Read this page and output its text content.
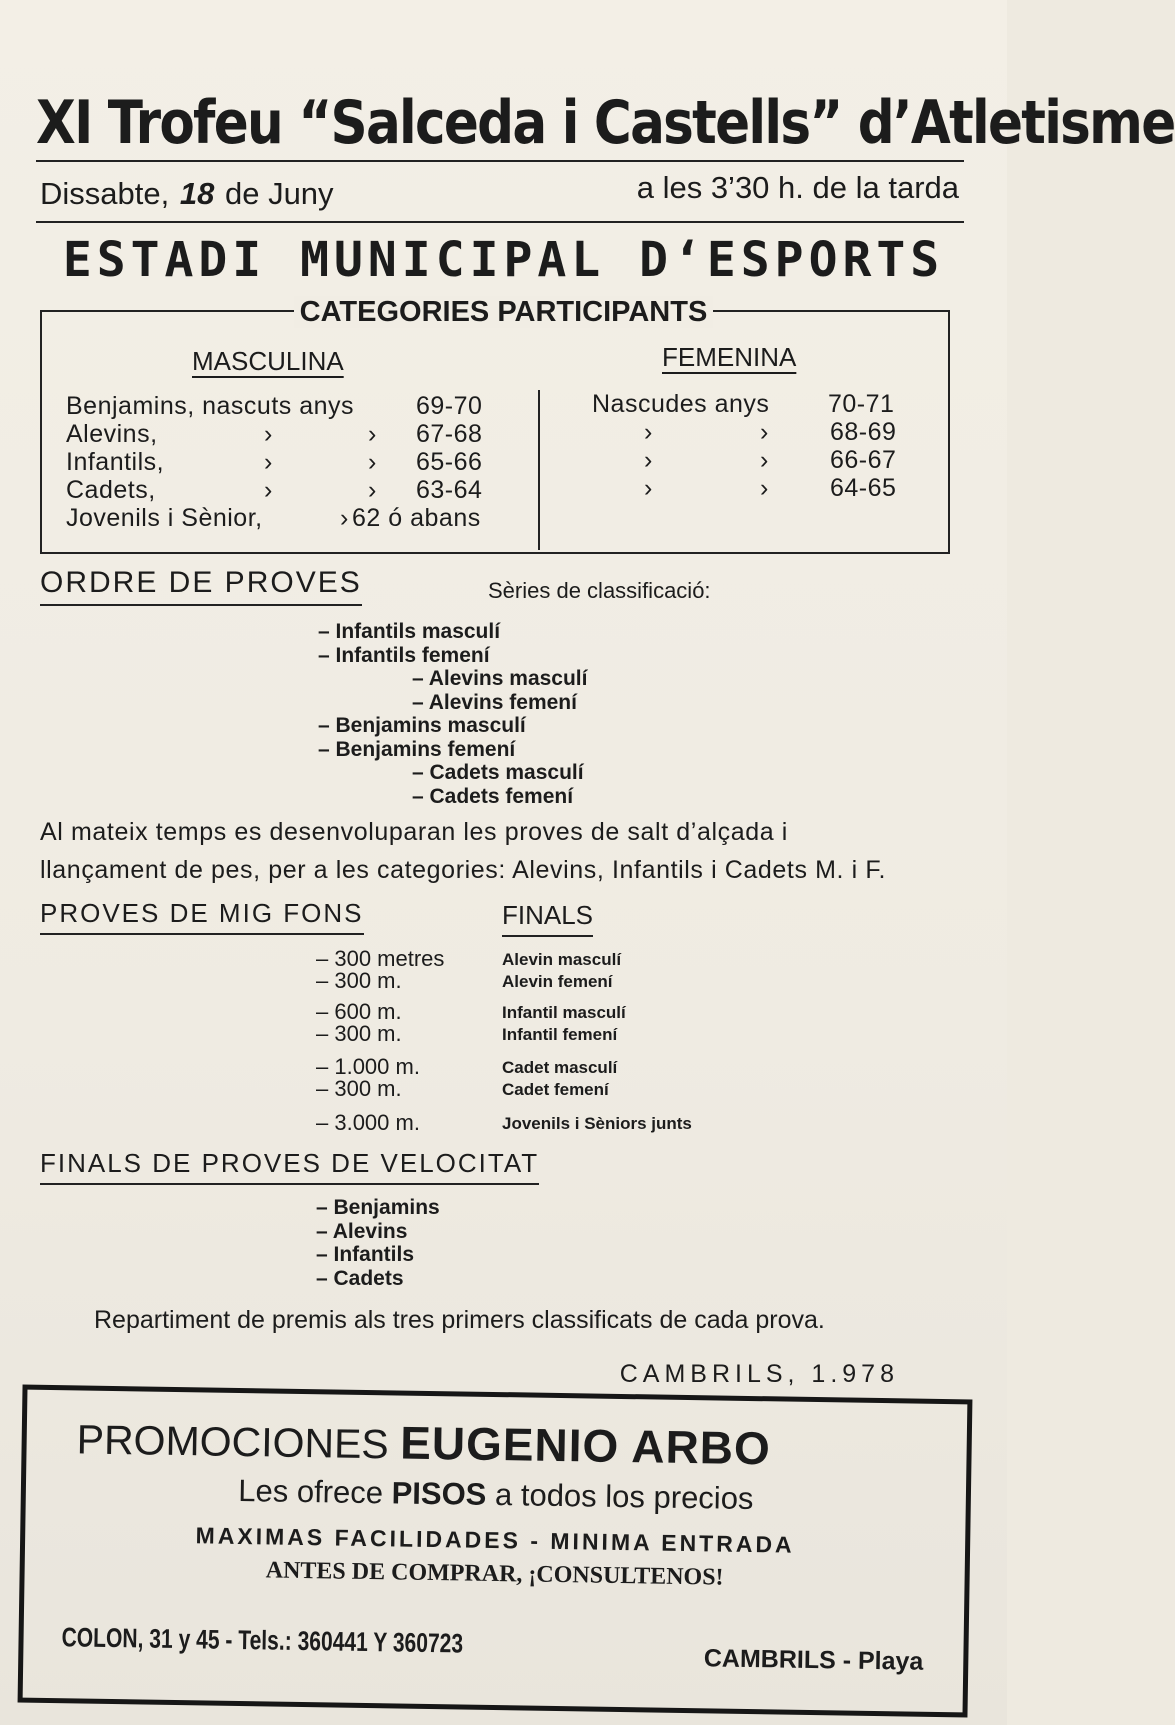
XI Trofeu “Salceda i Castells” d’Atletisme
Dissabte, 18 de Juny	a les 3’30 h. de la tarda
ESTADI MUNICIPAL D‘ESPORTS
CATEGORIES PARTICIPANTS
MASCULINA	FEMENINA
Benjamins, nascuts anys 69-70
Alevins,	›	› 67-68
Infantils,	›	› 65-66
Cadets,	›	› 63-64
Jovenils i Sènior,	› 62 ó abans
Nascudes anys 70-71
›	› 68-69
›	› 66-67
›	› 64-65
ORDRE DE PROVES	Sèries de classificació:
– Infantils masculí
– Infantils femení
– Alevins masculí
– Alevins femení
– Benjamins masculí
– Benjamins femení
– Cadets masculí
– Cadets femení
Al mateix temps es desenvoluparan les proves de salt d’alçada i
llançament de pes, per a les categories: Alevins, Infantils i Cadets M. i F.
PROVES DE MIG FONS	FINALS
– 300 metres	Alevin masculí
– 300 m.	Alevin femení
– 600 m.	Infantil masculí
– 300 m.	Infantil femení
– 1.000 m.	Cadet masculí
– 300 m.	Cadet femení
– 3.000 m.	Jovenils i Sèniors junts
FINALS DE PROVES DE VELOCITAT
– Benjamins
– Alevins
– Infantils
– Cadets
Repartiment de premis als tres primers classificats de cada prova.
CAMBRILS, 1.978
PROMOCIONES EUGENIO ARBO
Les ofrece PISOS a todos los precios
MAXIMAS FACILIDADES - MINIMA ENTRADA
ANTES DE COMPRAR, ¡CONSULTENOS!
COLON, 31 y 45 - Tels.: 360441 Y 360723
CAMBRILS - Playa
